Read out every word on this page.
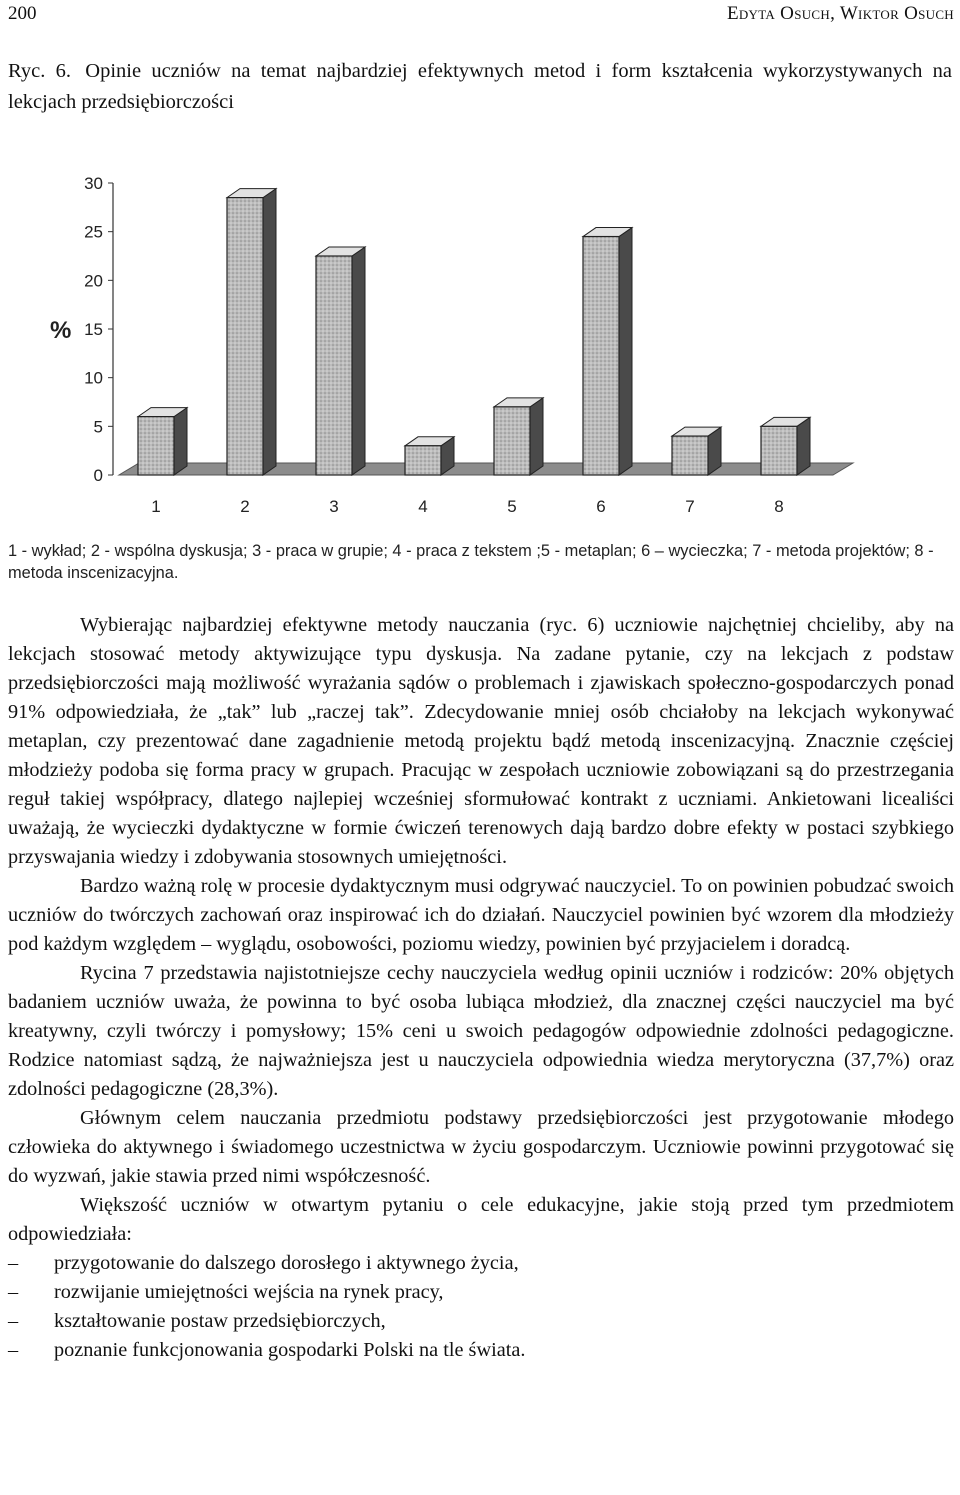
200	Edyta Osuch, Wiktor Osuch
Ryc. 6. Opinie uczniów na temat najbardziej efektywnych metod i form kształcenia wykorzystywanych na lekcjach przedsiębiorczości
0
5
10
15
20
25
30
%
1	2	3	4	5	6	7	8
1 - wykład; 2 - wspólna dyskusja; 3 - praca w grupie; 4 - praca z tekstem ;5 - metaplan; 6 – wycieczka; 7 - metoda projektów; 8 - metoda inscenizacyjna.

Wybierając najbardziej efektywne metody nauczania (ryc. 6) uczniowie najchętniej chcieliby, aby na lekcjach stosować metody aktywizujące typu dyskusja. Na zadane pytanie, czy na lekcjach z podstaw przedsiębiorczości mają możliwość wyrażania sądów o problemach i zjawiskach społeczno-gospodarczych ponad 91% odpowiedziała, że „tak” lub „raczej tak”. Zdecydowanie mniej osób chciałoby na lekcjach wykonywać metaplan, czy prezentować dane zagadnienie metodą projektu bądź metodą inscenizacyjną. Znacznie częściej młodzieży podoba się forma pracy w grupach. Pracując w zespołach uczniowie zobowiązani są do przestrzegania reguł takiej współpracy, dlatego najlepiej wcześniej sformułować kontrakt z uczniami. Ankietowani licealiści uważają, że wycieczki dydaktyczne w formie ćwiczeń terenowych dają bardzo dobre efekty w postaci szybkiego przyswajania wiedzy i zdobywania stosownych umiejętności.

Bardzo ważną rolę w procesie dydaktycznym musi odgrywać nauczyciel. To on powinien pobudzać swoich uczniów do twórczych zachowań oraz inspirować ich do działań. Nauczyciel powinien być wzorem dla młodzieży pod każdym względem – wyglądu, osobowości, poziomu wiedzy, powinien być przyjacielem i doradcą.

Rycina 7 przedstawia najistotniejsze cechy nauczyciela według opinii uczniów i rodziców: 20% objętych badaniem uczniów uważa, że powinna to być osoba lubiąca młodzież, dla znacznej części nauczyciel ma być kreatywny, czyli twórczy i pomysłowy; 15% ceni u swoich pedagogów odpowiednie zdolności pedagogiczne. Rodzice natomiast sądzą, że najważniejsza jest u nauczyciela odpowiednia wiedza merytoryczna (37,7%) oraz zdolności pedagogiczne (28,3%).

Głównym celem nauczania przedmiotu podstawy przedsiębiorczości jest przygotowanie młodego człowieka do aktywnego i świadomego uczestnictwa w życiu gospodarczym. Uczniowie powinni przygotować się do wyzwań, jakie stawia przed nimi współczesność.

Większość uczniów w otwartym pytaniu o cele edukacyjne, jakie stoją przed tym przedmiotem odpowiedziała:

– przygotowanie do dalszego dorosłego i aktywnego życia,
– rozwijanie umiejętności wejścia na rynek pracy,
– kształtowanie postaw przedsiębiorczych,
– poznanie funkcjonowania gospodarki Polski na tle świata.
